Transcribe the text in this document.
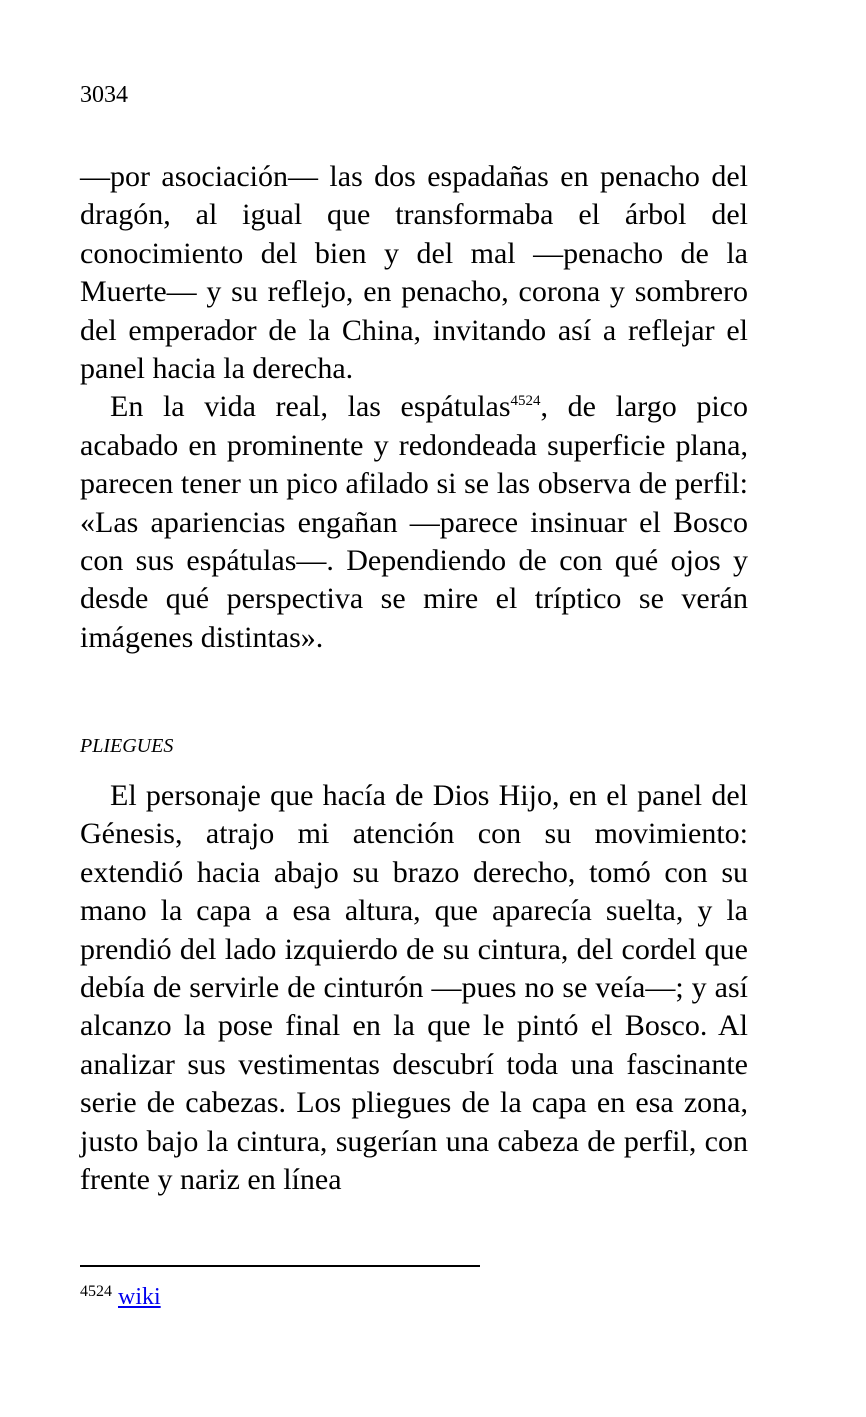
3034

—por asociación— las dos espadañas en penacho del dragón, al igual que transformaba el árbol del conocimiento del bien y del mal —penacho de la Muerte— y su reflejo, en penacho, corona y sombrero del emperador de la China, invitando así a reflejar el panel hacia la derecha.

En la vida real, las espátulas$^{4524}$, de largo pico acabado en prominente y redondeada superficie plana, parecen tener un pico afilado si se las observa de perfil: «Las apariencias engañan —parece insinuar el Bosco con sus espátulas—. Dependiendo de con qué ojos y desde qué perspectiva se mire el tríptico se verán imágenes distintas».

PLIEGUES

El personaje que hacía de Dios Hijo, en el panel del Génesis, atrajo mi atención con su movimiento: extendió hacia abajo su brazo derecho, tomó con su mano la capa a esa altura, que aparecía suelta, y la prendió del lado izquierdo de su cintura, del cordel que debía de servirle de cinturón —pues no se veía—; y así alcanzo la pose final en la que le pintó el Bosco. Al analizar sus vestimentas descubrí toda una fascinante serie de cabezas. Los pliegues de la capa en esa zona, justo bajo la cintura, sugerían una cabeza de perfil, con frente y nariz en línea

$^{4524}$ wiki
